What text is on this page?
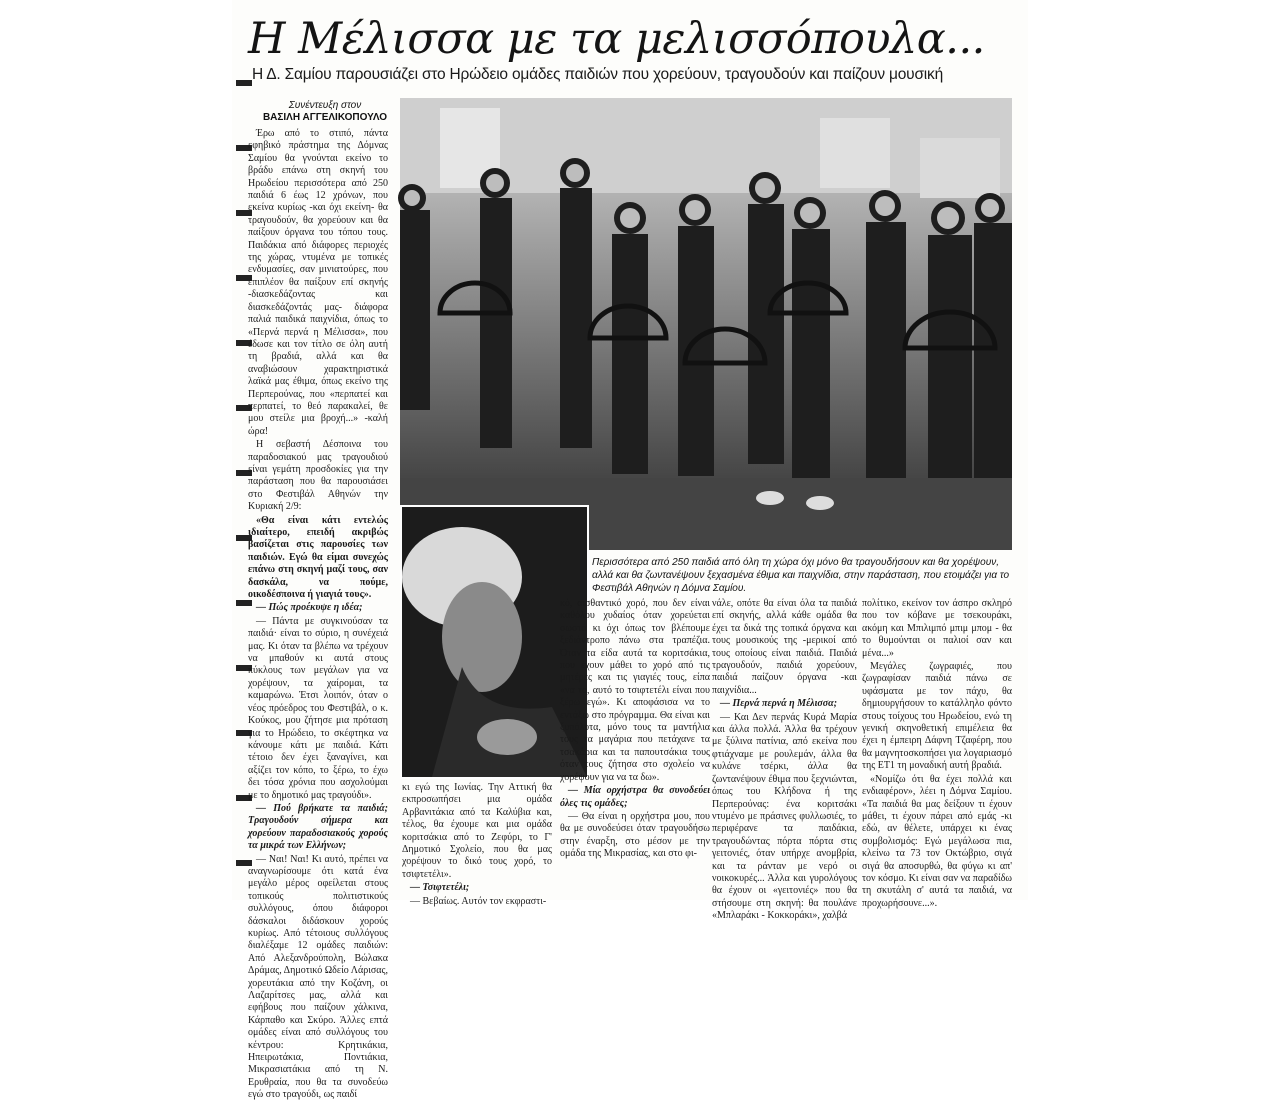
Η Μέλισσα με τα μελισσόπουλα...
Η Δ. Σαμίου παρουσιάζει στο Ηρώδειο ομάδες παιδιών που χορεύουν, τραγουδούν και παίζουν μουσική
Συνέντευξη στον
ΒΑΣΙΛΗ ΑΓΓΕΛΙΚΟΠΟΥΛΟ
Περισσότερα από 250 παιδιά από όλη τη χώρα όχι μόνο θα τραγουδήσουν και θα χορέψουν, αλλά και θα ζωντανέψουν ξεχασμένα έθιμα και παιχνίδια, στην παράσταση, που ετοιμάζει για το Φεστιβάλ Αθηνών η Δόμνα Σαμίου.

Έρω από το στιπό, πάντα εφηβικό πράστημα της Δόμνας Σαμίου θα γνούνται εκείνο το βράδυ επάνω στη σκηνή του Ηρωδείου περισσότερα από 250 παιδιά 6 έως 12 χρόνων, που εκείνα κυρίως -και όχι εκείνη- θα τραγουδούν, θα χορεύουν και θα παίξουν όργανα του τόπου τους. Παιδάκια από διάφορες περιοχές της χώρας, ντυμένα με τοπικές ενδυμασίες, σαν μινιατούρες, που επιπλέον θα παίξουν επί σκηνής -διασκεδάζοντας και διασκεδάζοντάς μας- διάφορα παλιά παιδικά παιχνίδια, όπως το «Περνά περνά η Μέλισσα», που έδωσε και τον τίτλο σε όλη αυτή τη βραδιά, αλλά και θα αναβιώσουν χαρακτηριστικά λαϊκά μας έθιμα, όπως εκείνο της Περπερούνας, που «περπατεί και περπατεί, το θεό παρακαλεί, θε μου στείλε μια βροχή...» -καλή ώρα!

Η σεβαστή Δέσποινα του παραδοσιακού μας τραγουδιού είναι γεμάτη προσδοκίες για την παράσταση που θα παρουσιάσει στο Φεστιβάλ Αθηνών την Κυριακή 2/9:

«Θα είναι κάτι εντελώς ιδιαίτερο, επειδή ακριβώς βασίζεται στις παρουσίες των παιδιών. Εγώ θα είμαι συνεχώς επάνω στη σκηνή μαζί τους, σαν δασκάλα, να πούμε, οικοδέσποινα ή γιαγιά τους».

— Πώς προέκυψε η ιδέα;

— Πάντα με συγκινούσαν τα παιδιά· είναι το σύριο, η συνέχειά μας. Κι όταν τα βλέπω να τρέχουν να μπαθούν κι αυτά στους κύκλους των μεγάλων για να χορέψουν, τα χαίρομαι, τα καμαρώνω. Έτσι λοιπόν, όταν ο νέος πρόεδρος του Φεστιβάλ, ο κ. Κούκος, μου ζήτησε μια πρόταση για το Ηρώδειο, το σκέφτηκα να κάνουμε κάτι με παιδιά. Κάτι τέτοιο δεν έχει ξαναγίνει, και αξίζει τον κόπο, το ξέρω, το έχω δει τόσα χρόνια που ασχολούμαι με το δημοτικό μας τραγούδι».

— Πού βρήκατε τα παιδιά; Τραγουδούν σήμερα και χορεύουν παραδοσιακούς χορούς τα μικρά των Ελλήνων;

— Ναι! Ναι! Κι αυτό, πρέπει να αναγνωρίσουμε ότι κατά ένα μεγάλο μέρος οφείλεται στους τοπικούς πολιτιστικούς συλλόγους, όπου διάφοροι δάσκαλοι διδάσκουν χορούς κυρίως. Από τέτοιους συλλόγους διαλέξαμε 12 ομάδες παιδιών: Από Αλεξανδρούπολη, Βώλακα Δράμας, Δημοτικό Ωδείο Λάρισας, χορευτάκια από την Κοζάνη, οι Λαζαρίτσες μας, αλλά και εφήβους που παίζουν χάλκινα, Κάρπαθο και Σκύρο. Άλλες επτά ομάδες είναι από συλλόγους του κέντρου: Κρητικάκια, Ηπειρωτάκια, Ποντιάκια, Μικρασιατάκια από τη Ν. Ερυθραία, που θα τα συνοδεύω εγώ στο τραγούδι, ως παιδί

κι εγώ της Ιωνίας. Την Αττική θα εκπροσωπήσει μια ομάδα Αρβανιτάκια από τα Καλύβια και, τέλος, θα έχουμε και μια ομάδα κοριτσάκια από το Ζεφύρι, το Γ' Δημοτικό Σχολείο, που θα μας χορέψουν το δικό τους χορό, το τσιφτετέλι».

— Τσιφτετέλι;

— Βεβαίως. Αυτόν τον εκφραστι-

κό, αισθαντικό χορό, που δεν είναι καθόλου χυδαίος όταν χορεύεται σωστά κι όχι όπως τον βλέπουμε ξεδιάντροπο πάνω στα τραπέζια. Όταν τα είδα αυτά τα κοριτσάκια, που έχουν μάθει το χορό από τις μητέρες και τις γιαγιές τους, είπα «να το, αυτό το τσιφτετέλι είναι που ξέρω εγώ». Κι αποφάσισα να το εντάξω στο πρόγραμμα. Θα είναι και ξυπόλυτα, μόνο τους τα μαντήλια τους τα μαγάρια που πετάχανε τα τσακάρια και τα παπουτσάκια τους όταν τους ζήτησα στο σχολείο να χορέψουν για να τα δω».

— Μία ορχήστρα θα συνοδεύει όλες τις ομάδες;

— Θα είναι η ορχήστρα μου, που θα με συνοδεύσει όταν τραγουδήσω στην έναρξη, στο μέσον με την ομάδα της Μικρασίας, και στο φι-

νάλε, οπότε θα είναι όλα τα παιδιά επί σκηνής, αλλά κάθε ομάδα θα έχει τα δικά της τοπικά όργανα και τους μουσικούς της -μερικοί από τους οποίους είναι παιδιά. Παιδιά τραγουδούν, παιδιά χορεύουν, παιδιά παίζουν όργανα -και παιχνίδια...

— Περνά περνά η Μέλισσα;

— Και Δεν περνάς Κυρά Μαρία και άλλα πολλά. Άλλα θα τρέχουν με ξύλινα πατίνια, από εκείνα που φτιάχναμε με ρουλεμάν, άλλα θα κυλάνε τσέρκι, άλλα θα ζωντανέψουν έθιμα που ξεχνιώνται, όπως του Κλήδονα ή της Περπερούνας: ένα κοριτσάκι ντυμένο με πράσινες φυλλωσιές, το περιφέρανε τα παιδάκια, τραγουδώντας πόρτα πόρτα στις γειτονιές, όταν υπήρχε ανομβρία, και τα ράνταν με νερό οι νοικοκυρές... Άλλα και γυρολόγους θα έχουν οι «γειτονιές» που θα στήσουμε στη σκηνή: θα πουλάνε «Μπλαράκι - Κοκκοράκι», χαλβά

πολίτικο, εκείνον τον άσπρο σκληρό που τον κόβανε με τσεκουράκι, ακόμη και Μπιλιμπό μπιμ μπομ - θα το θυμούνται οι παλιοί σαν και μένα...»

Μεγάλες ζωγραφιές, που ζωγραφίσαν παιδιά πάνω σε υφάσματα με τον πάχυ, θα δημιουργήσουν το κατάλληλο φόντο στους τοίχους του Ηρωδείου, ενώ τη γενική σκηνοθετική επιμέλεια θα έχει η έμπειρη Δάφνη Τζαφέρη, που θα μαγνητοσκοπήσει για λογαριασμό της ΕΤ1 τη μοναδική αυτή βραδιά.

«Νομίζω ότι θα έχει πολλά και ενδιαφέρον», λέει η Δόμνα Σαμίου. «Τα παιδιά θα μας δείξουν τι έχουν μάθει, τι έχουν πάρει από εμάς -κι εδώ, αν θέλετε, υπάρχει κι ένας συμβολισμός: Εγώ μεγάλωσα πια, κλείνω τα 73 τον Οκτώβριο, σιγά σιγά θα αποσυρθώ, θα φύγω κι απ' τον κόσμο. Κι είναι σαν να παραδίδω τη σκυτάλη σ' αυτά τα παιδιά, να προχωρήσουνε...».
